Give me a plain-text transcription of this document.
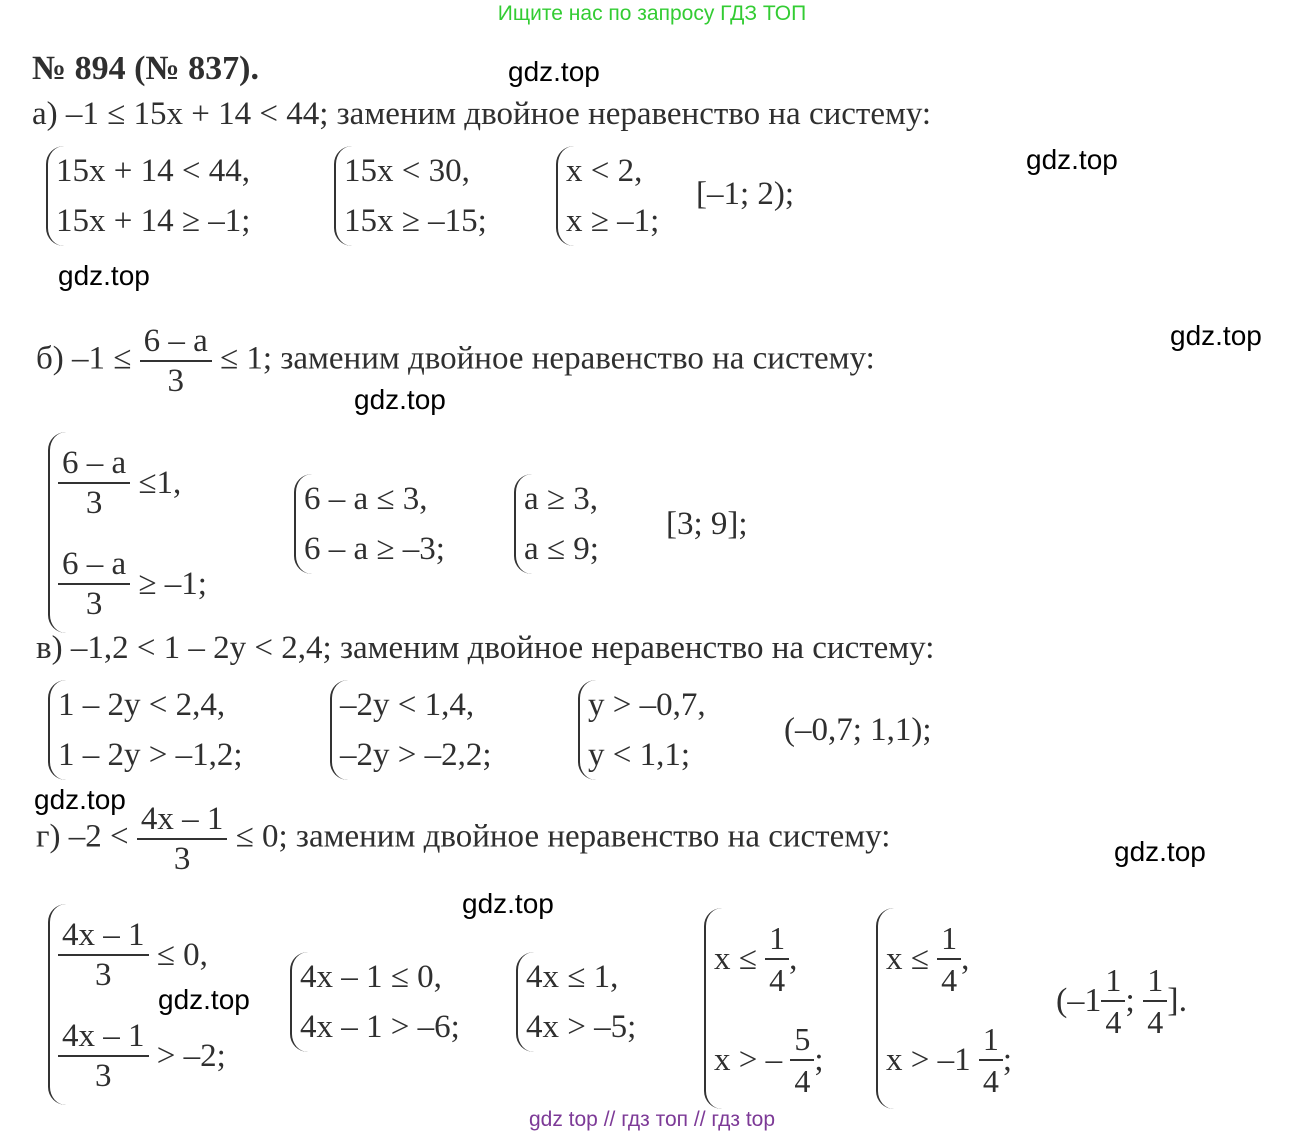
Ищите нас по запросу ГДЗ ТОП
gdz.top
gdz.top
gdz.top
gdz.top
gdz.top
gdz.top
gdz.top
gdz.top
gdz.top
№ 894 (№ 837).
а) –1 ≤ 15x + 14 < 44; заменим двойное неравенство на систему:
15x + 14 < 44,
15x + 14 ≥ –1;
15x < 30,
15x ≥ –15;
x < 2,
x ≥ –1;
[–1; 2);
б) $-1 \le \frac{6 - a}{3} \le 1$; заменим двойное неравенство на систему:
$\frac{6 - a}{3} \le 1$,
$\frac{6 - a}{3} \ge -1$;
6 – a ≤ 3,
6 – a ≥ –3;
a ≥ 3,
a ≤ 9;
[3; 9];
в) –1,2 < 1 – 2y < 2,4; заменим двойное неравенство на систему:
1 – 2y < 2,4,
1 – 2y > –1,2;
–2y < 1,4,
–2y > –2,2;
y > –0,7,
y < 1,1;
(–0,7; 1,1);
г) $-2 < \frac{4x - 1}{3} \le 0$; заменим двойное неравенство на систему:
$\frac{4x - 1}{3} \le 0$,
$\frac{4x - 1}{3} > -2$;
4x – 1 ≤ 0,
4x – 1 > –6;
4x ≤ 1,
4x > –5;
$x \le \frac{1}{4}$ ,
x > – $\frac{5}{4}$ ;
$x \le \frac{1}{4}$ ,
$x > -1 \frac{1}{4}$ ;
($-1 \frac{1}{4}$ ; $\frac{1}{4}$ ].
gdz top // гдз топ // гдз top
